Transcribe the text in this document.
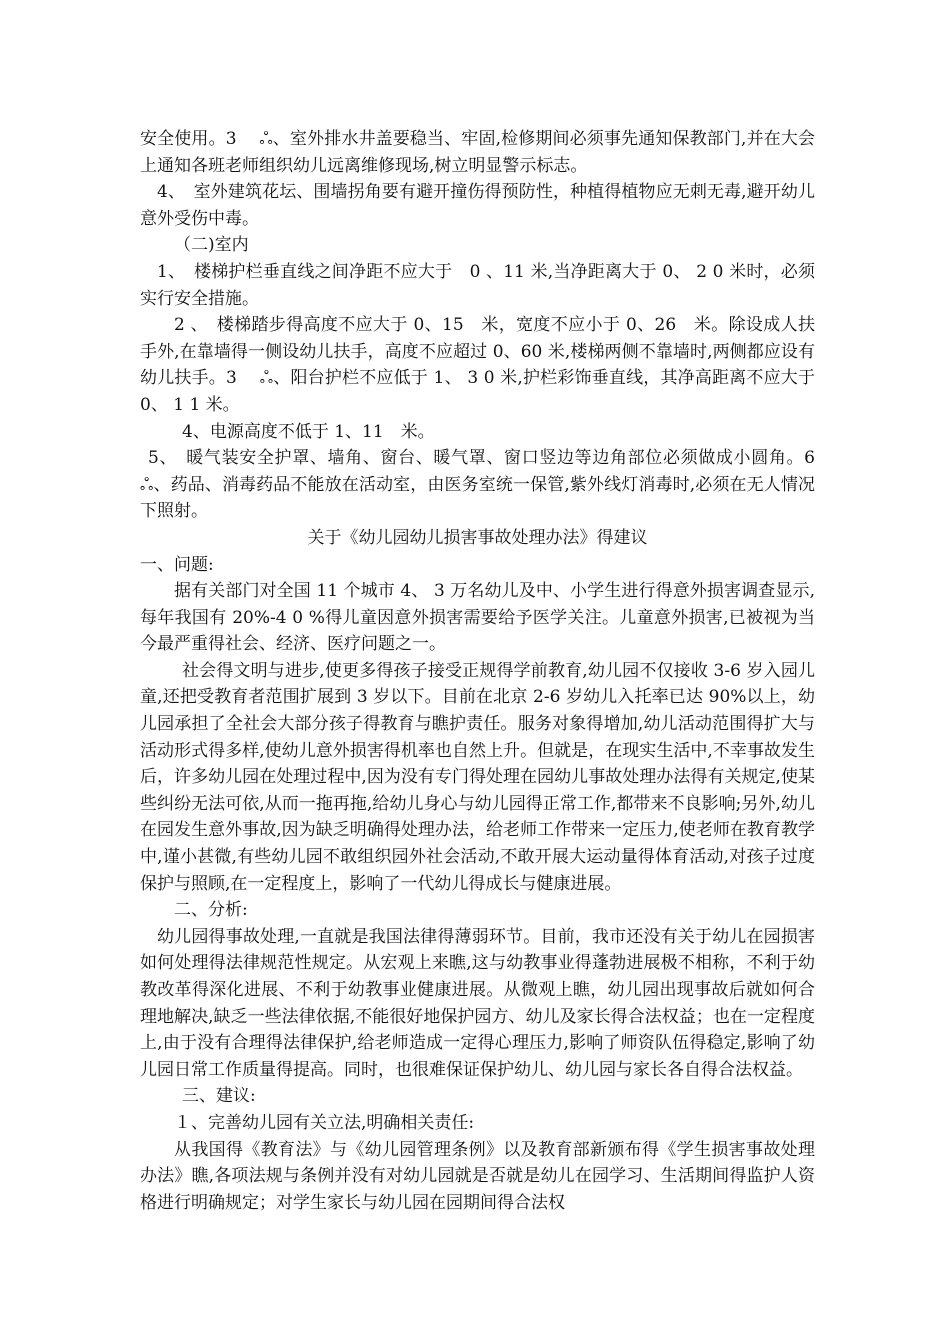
安全使用。3　 ஃ、室外排水井盖要稳当、牢固,检修期间必须事先通知保教部门,并在大会上通知各班老师组织幼儿远离维修现场,树立明显警示标志。

4、　室外建筑花坛、围墙拐角要有避开撞伤得预防性，种植得植物应无刺无毒,避开幼儿意外受伤中毒。

（二)室内

1、　楼梯护栏垂直线之间净距不应大于　0 、11 米,当净距离大于 0、 2 0 米时，必须实行安全措施。

2 、　楼梯踏步得高度不应大于 0、15　米，宽度不应小于 0、26　米。除设成人扶手外,在靠墙得一侧设幼儿扶手，高度不应超过 0、60 米,楼梯两侧不靠墙时,两侧都应设有幼儿扶手。3　 ஃ、阳台护栏不应低于 1、 3 0 米,护栏彩饰垂直线，其净高距离不应大于 0、 1 1 米。

4、电源高度不低于 1、11　米。

5、　暖气装安全护罩、墙角、窗台、暖气罩、窗口竖边等边角部位必须做成小圆角。6　ஃ、药品、消毒药品不能放在活动室，由医务室统一保管,紫外线灯消毒时,必须在无人情况下照射。

关于《幼儿园幼儿损害事故处理办法》得建议

一、问题:

据有关部门对全国 11 个城市 4、 3 万名幼儿及中、小学生进行得意外损害调查显示,每年我国有 20%-4 0 %得儿童因意外损害需要给予医学关注。儿童意外损害,已被视为当今最严重得社会、经济、医疗问题之一。

社会得文明与进步,使更多得孩子接受正规得学前教育,幼儿园不仅接收 3-6 岁入园儿童,还把受教育者范围扩展到 3 岁以下。目前在北京 2-6 岁幼儿入托率已达 90%以上，幼儿园承担了全社会大部分孩子得教育与瞧护责任。服务对象得增加,幼儿活动范围得扩大与活动形式得多样,使幼儿意外损害得机率也自然上升。但就是，在现实生活中,不幸事故发生后，许多幼儿园在处理过程中,因为没有专门得处理在园幼儿事故处理办法得有关规定,使某些纠纷无法可依,从而一拖再拖,给幼儿身心与幼儿园得正常工作,都带来不良影响;另外,幼儿在园发生意外事故,因为缺乏明确得处理办法，给老师工作带来一定压力,使老师在教育教学中,谨小甚微,有些幼儿园不敢组织园外社会活动,不敢开展大运动量得体育活动,对孩子过度保护与照顾,在一定程度上，影响了一代幼儿得成长与健康进展。

二、分析:

幼儿园得事故处理,一直就是我国法律得薄弱环节。目前，我市还没有关于幼儿在园损害如何处理得法律规范性规定。从宏观上来瞧,这与幼教事业得蓬勃进展极不相称，不利于幼教改革得深化进展、不利于幼教事业健康进展。从微观上瞧，幼儿园出现事故后就如何合理地解决,缺乏一些法律依据,不能很好地保护园方、幼儿及家长得合法权益；也在一定程度上,由于没有合理得法律保护,给老师造成一定得心理压力,影响了师资队伍得稳定,影响了幼儿园日常工作质量得提高。同时，也很难保证保护幼儿、幼儿园与家长各自得合法权益。

三、建议:

１、完善幼儿园有关立法,明确相关责任:

从我国得《教育法》与《幼儿园管理条例》以及教育部新颁布得《学生损害事故处理办法》瞧,各项法规与条例并没有对幼儿园就是否就是幼儿在园学习、生活期间得监护人资格进行明确规定；对学生家长与幼儿园在园期间得合法权
